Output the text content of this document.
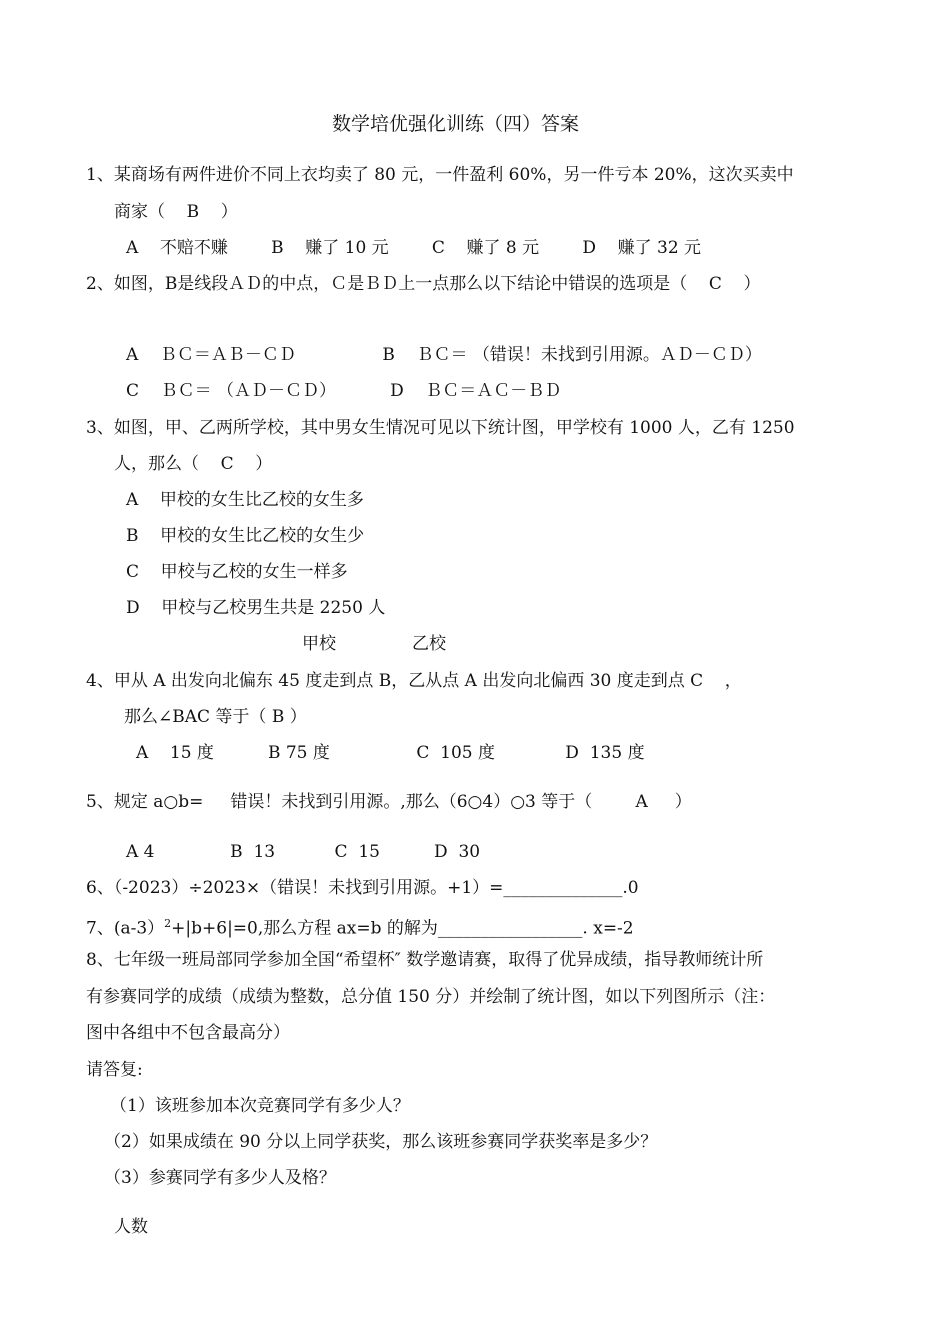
数学培优强化训练（四）答案
1、某商场有两件进价不同上衣均卖了 80 元，一件盈利 60%，另一件亏本 20%，这次买卖中
商家（    B    ）
A    不赔不赚        B    赚了 10 元        C    赚了 8 元        D    赚了 32 元
2、如图，B是线段ＡＤ的中点，Ｃ是ＢＤ上一点那么以下结论中错误的选项是（    C    ）
A    ＢＣ＝ＡＢ－ＣＤ                B    ＢＣ＝ （错误！未找到引用源。ＡＤ－ＣＤ）
C    ＢＣ＝ （ＡＤ－ＣＤ）          D    ＢＣ＝ＡＣ－ＢＤ
3、如图，甲、乙两所学校，其中男女生情况可见以下统计图，甲学校有 1000 人，乙有 1250
人，那么（    C    ）
A    甲校的女生比乙校的女生多
B    甲校的女生比乙校的女生少
C    甲校与乙校的女生一样多
D    甲校与乙校男生共是 2250 人
甲校	乙校
4、甲从 A 出发向北偏东 45 度走到点 B，乙从点 A 出发向北偏西 30 度走到点 C    ，
那么∠BAC 等于（ B ）
A    15 度          B 75 度                C  105 度             D  135 度
5、规定 a○b=     错误！未找到引用源。,那么（6○4）○3 等于（        A     ）
A 4              B  13           C  15          D  30
6、（-2023）÷2023×（错误！未找到引用源。+1）=______________.0
7、(a-3）$^2$+|b+6|=0,那么方程 ax=b 的解为_________________. x=-2
8、七年级一班局部同学参加全国“希望杯″ 数学邀请赛，取得了优异成绩，指导教师统计所
有参赛同学的成绩（成绩为整数，总分值 150 分）并绘制了统计图，如以下列图所示（注：
图中各组中不包含最高分）
请答复:
（1）该班参加本次竞赛同学有多少人？
（2）如果成绩在 90 分以上同学获奖，那么该班参赛同学获奖率是多少？
（3）参赛同学有多少人及格？
人数
